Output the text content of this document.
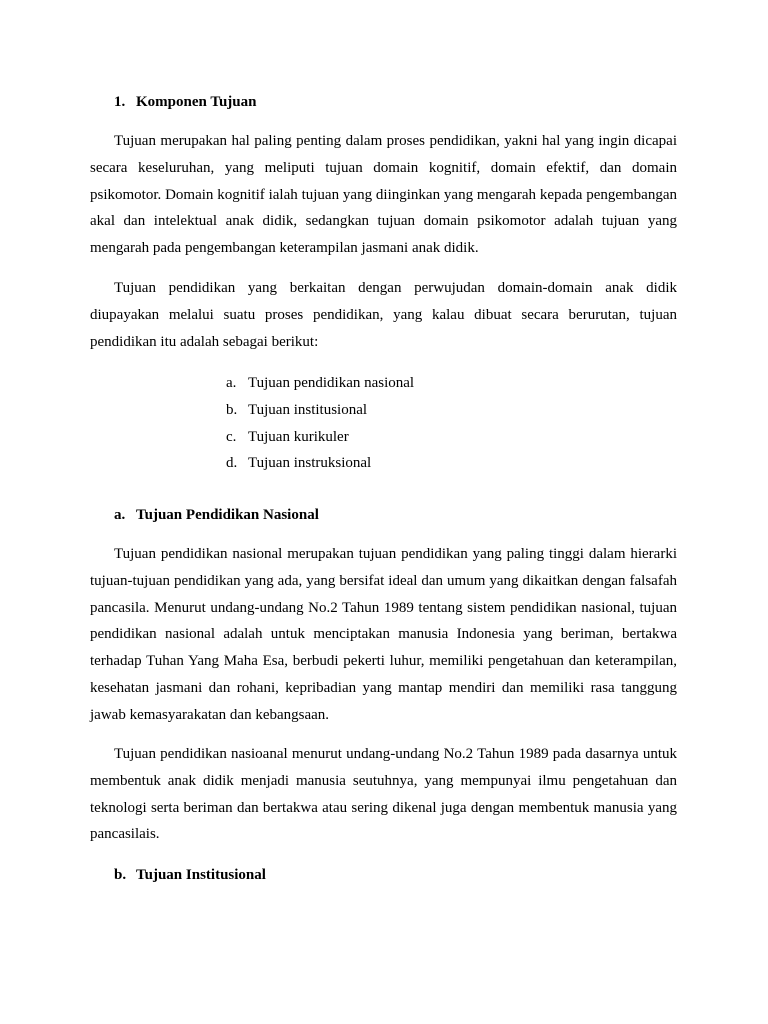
1. Komponen Tujuan

Tujuan merupakan hal paling penting dalam proses pendidikan, yakni hal yang ingin dicapai secara keseluruhan, yang meliputi tujuan domain kognitif, domain efektif, dan domain psikomotor. Domain kognitif ialah tujuan yang diinginkan yang mengarah kepada pengembangan akal dan intelektual anak didik, sedangkan tujuan domain psikomotor adalah tujuan yang mengarah pada pengembangan keterampilan jasmani anak didik.

Tujuan pendidikan yang berkaitan dengan perwujudan domain-domain anak didik diupayakan melalui suatu proses pendidikan, yang kalau dibuat secara berurutan, tujuan pendidikan itu adalah sebagai berikut:

a. Tujuan pendidikan nasional
b. Tujuan institusional
c. Tujuan kurikuler
d. Tujuan instruksional
a. Tujuan Pendidikan Nasional

Tujuan pendidikan nasional merupakan tujuan pendidikan yang paling tinggi dalam hierarki tujuan-tujuan pendidikan yang ada, yang bersifat ideal dan umum yang dikaitkan dengan falsafah pancasila. Menurut undang-undang No.2 Tahun 1989 tentang sistem pendidikan nasional, tujuan pendidikan nasional adalah untuk menciptakan manusia Indonesia yang beriman, bertakwa terhadap Tuhan Yang Maha Esa, berbudi pekerti luhur, memiliki pengetahuan dan keterampilan, kesehatan jasmani dan rohani, kepribadian yang mantap mendiri dan memiliki rasa tanggung jawab kemasyarakatan dan kebangsaan.

Tujuan pendidikan nasioanal menurut undang-undang No.2 Tahun 1989 pada dasarnya untuk membentuk anak didik menjadi manusia seutuhnya, yang mempunyai ilmu pengetahuan dan teknologi serta beriman dan bertakwa atau sering dikenal juga dengan membentuk manusia yang pancasilais.

b. Tujuan Institusional
